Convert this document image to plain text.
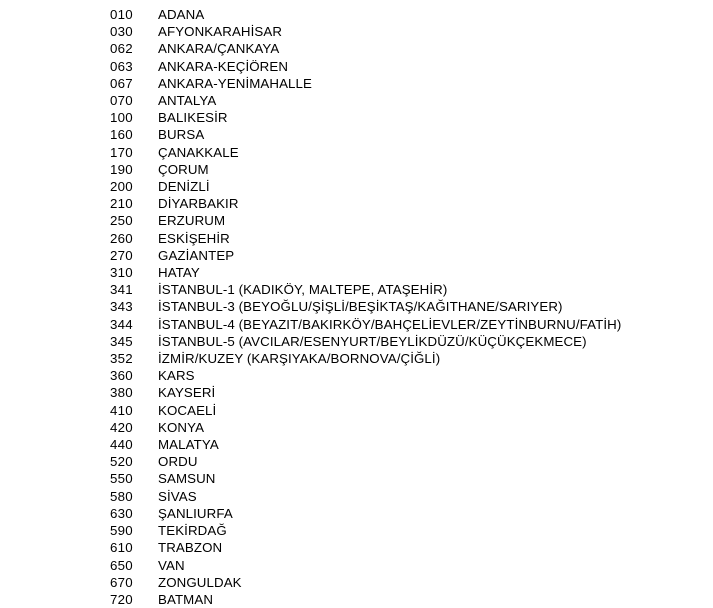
010	ADANA
030	AFYONKARAHİSAR
062	ANKARA/ÇANKAYA
063	ANKARA-KEÇİÖREN
067	ANKARA-YENİMAHALLE
070	ANTALYA
100	BALIKESİR
160	BURSA
170	ÇANAKKALE
190	ÇORUM
200	DENİZLİ
210	DİYARBAKIR
250	ERZURUM
260	ESKİŞEHİR
270	GAZİANTEP
310	HATAY
341	İSTANBUL-1 (KADIKÖY, MALTEPE, ATAŞEHİR)
343	İSTANBUL-3 (BEYOĞLU/ŞİŞLİ/BEŞİKTAŞ/KAĞITHANE/SARIYER)
344	İSTANBUL-4 (BEYAZIT/BAKIRKÖY/BAHÇELİEVLER/ZEYTİNBURNU/FATİH)
345	İSTANBUL-5 (AVCILAR/ESENYURT/BEYLİKDÜZÜ/KÜÇÜKÇEKMECE)
352	İZMİR/KUZEY (KARŞIYAKA/BORNOVA/ÇİĞLİ)
360	KARS
380	KAYSERİ
410	KOCAELİ
420	KONYA
440	MALATYA
520	ORDU
550	SAMSUN
580	SİVAS
630	ŞANLIURFA
590	TEKİRDAĞ
610	TRABZON
650	VAN
670	ZONGULDAK
720	BATMAN
